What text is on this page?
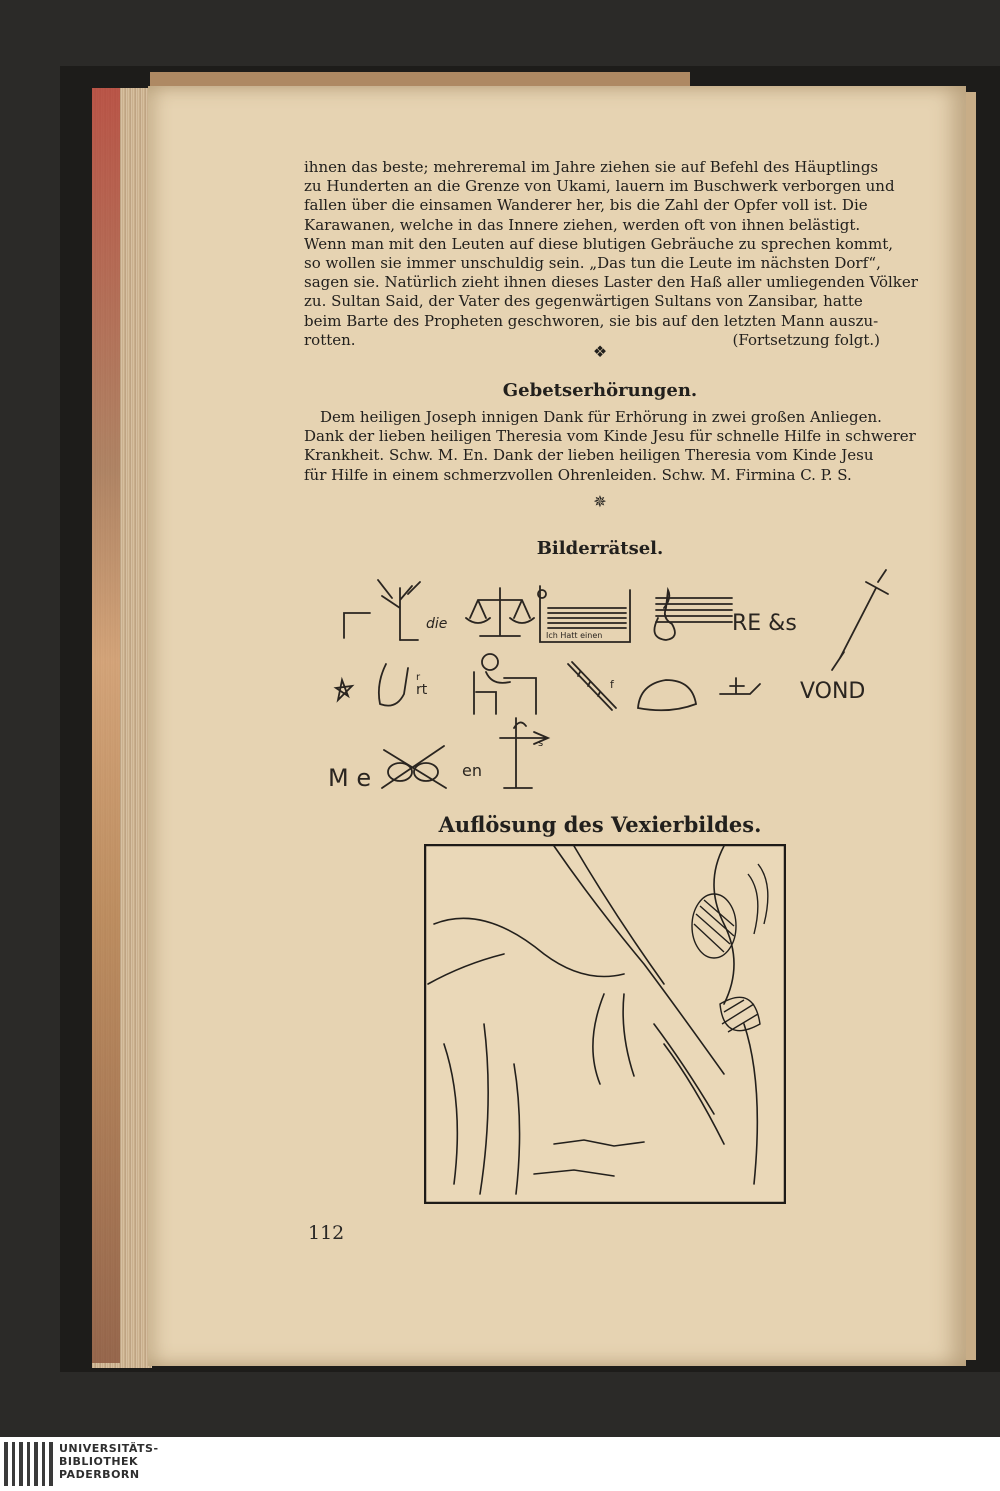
ihnen das beste; mehreremal im Jahre ziehen sie auf Befehl des Häuptlings
zu Hunderten an die Grenze von Ukami, lauern im Buschwerk verborgen und
fallen über die einsamen Wanderer her, bis die Zahl der Opfer voll ist. Die
Karawanen, welche in das Innere ziehen, werden oft von ihnen belästigt.
Wenn man mit den Leuten auf diese blutigen Gebräuche zu sprechen kommt,
so wollen sie immer unschuldig sein. „Das tun die Leute im nächsten Dorf“,
sagen sie. Natürlich zieht ihnen dieses Laster den Haß aller umliegenden Völker
zu. Sultan Said, der Vater des gegenwärtigen Sultans von Zansibar, hatte
beim Barte des Propheten geschworen, sie bis auf den letzten Mann auszu-
rotten.	(Fortsetzung folgt.)
❖
Gebetserhörungen.
Dem heiligen Joseph innigen Dank für Erhörung in zwei großen Anliegen.
Dank der lieben heiligen Theresia vom Kinde Jesu für schnelle Hilfe in schwerer
Krankheit. Schw. M. En. Dank der lieben heiligen Theresia vom Kinde Jesu
für Hilfe in einem schmerzvollen Ohrenleiden. Schw. M. Firmina C. P. S.
✵
Bilderrätsel.
die
Ich Hatt einen	RE &s
rt
r
f	VOND
M e	en
s
Auflösung des Vexierbildes.
112
UNIVERSITÄTS-
BIBLIOTHEK
PADERBORN
